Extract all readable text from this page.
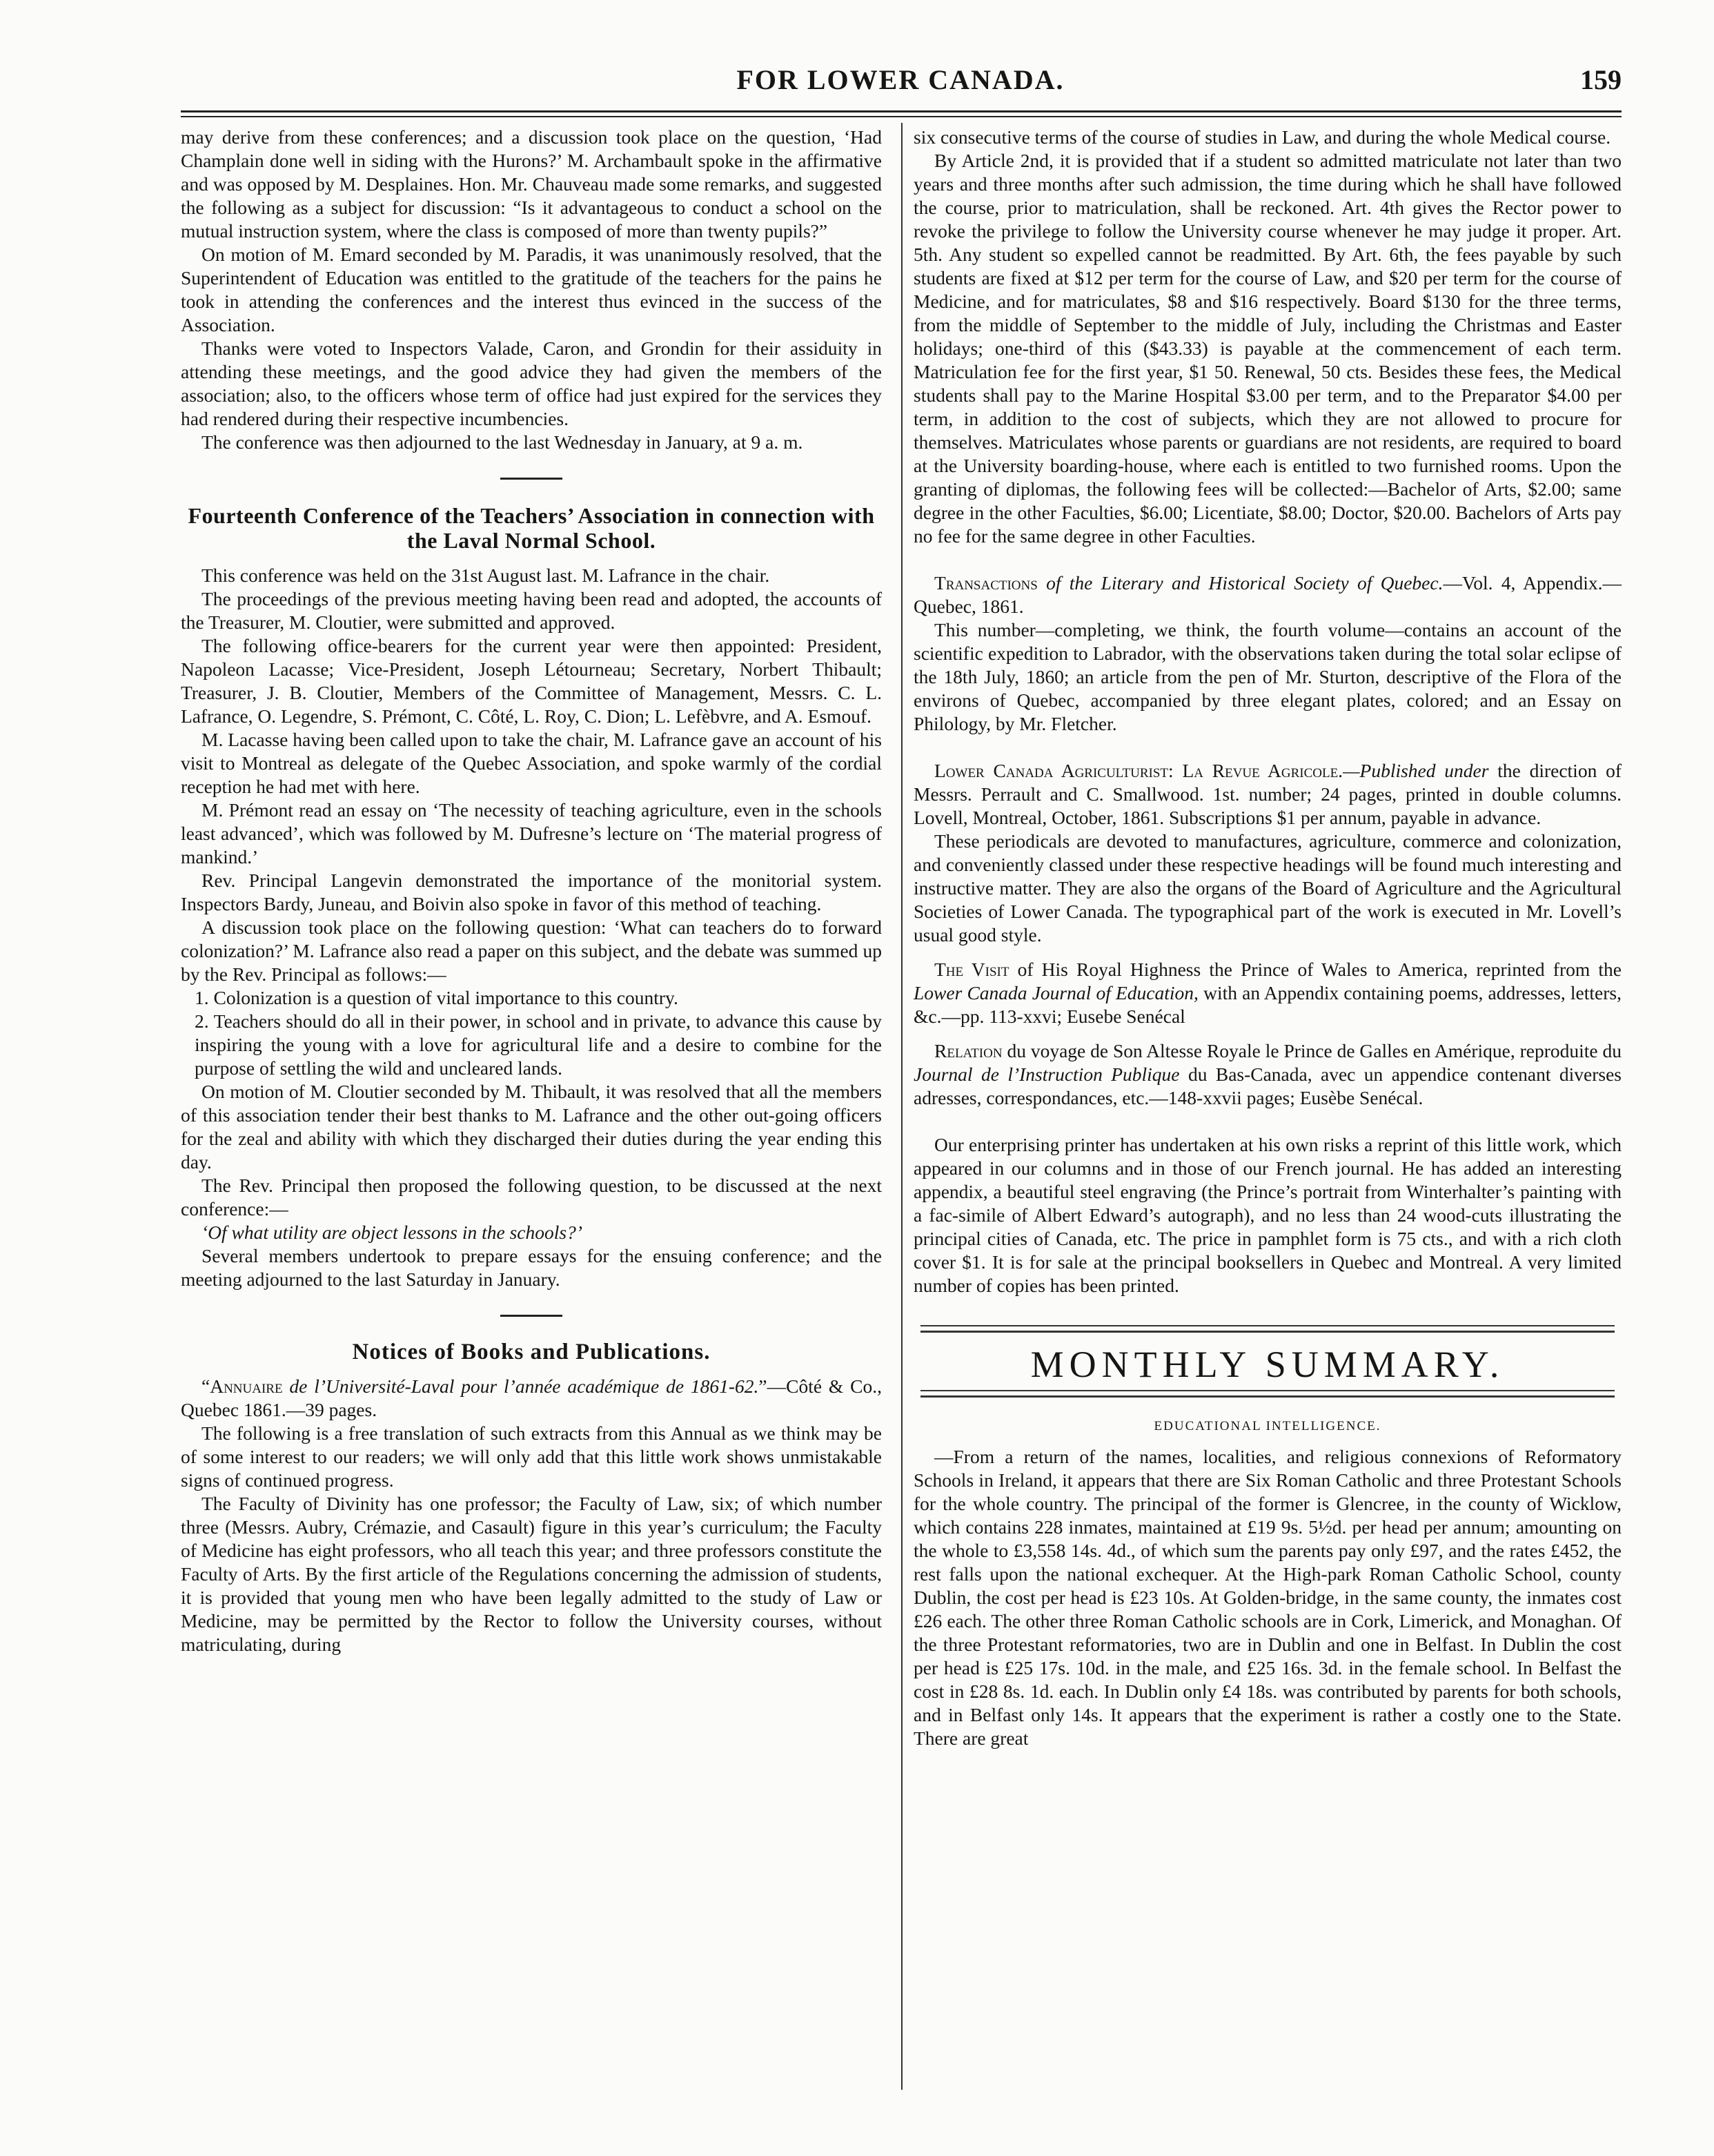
FOR LOWER CANADA.	159

may derive from these conferences; and a discussion took place on the question, ‘Had Champlain done well in siding with the Hurons?’ M. Archambault spoke in the affirmative and was opposed by M. Desplaines. Hon. Mr. Chauveau made some remarks, and suggested the following as a subject for discussion: “Is it advantageous to conduct a school on the mutual instruction system, where the class is composed of more than twenty pupils?”

On motion of M. Emard seconded by M. Paradis, it was unanimously resolved, that the Superintendent of Education was entitled to the gratitude of the teachers for the pains he took in attending the conferences and the interest thus evinced in the success of the Association.

Thanks were voted to Inspectors Valade, Caron, and Grondin for their assiduity in attending these meetings, and the good advice they had given the members of the association; also, to the officers whose term of office had just expired for the services they had rendered during their respective incumbencies.

The conference was then adjourned to the last Wednesday in January, at 9 a. m.

Fourteenth Conference of the Teachers’ Association in connection with the Laval Normal School.

This conference was held on the 31st August last. M. Lafrance in the chair.

The proceedings of the previous meeting having been read and adopted, the accounts of the Treasurer, M. Cloutier, were submitted and approved.

The following office-bearers for the current year were then appointed: President, Napoleon Lacasse; Vice-President, Joseph Létourneau; Secretary, Norbert Thibault; Treasurer, J. B. Cloutier, Members of the Committee of Management, Messrs. C. L. Lafrance, O. Legendre, S. Prémont, C. Côté, L. Roy, C. Dion; L. Lefèbvre, and A. Esmouf.

M. Lacasse having been called upon to take the chair, M. Lafrance gave an account of his visit to Montreal as delegate of the Quebec Association, and spoke warmly of the cordial reception he had met with here.

M. Prémont read an essay on ‘The necessity of teaching agriculture, even in the schools least advanced’, which was followed by M. Dufresne’s lecture on ‘The material progress of mankind.’

Rev. Principal Langevin demonstrated the importance of the monitorial system. Inspectors Bardy, Juneau, and Boivin also spoke in favor of this method of teaching.

A discussion took place on the following question: ‘What can teachers do to forward colonization?’ M. Lafrance also read a paper on this subject, and the debate was summed up by the Rev. Principal as follows:—

1. Colonization is a question of vital importance to this country.

2. Teachers should do all in their power, in school and in private, to advance this cause by inspiring the young with a love for agricultural life and a desire to combine for the purpose of settling the wild and uncleared lands.

On motion of M. Cloutier seconded by M. Thibault, it was resolved that all the members of this association tender their best thanks to M. Lafrance and the other out-going officers for the zeal and ability with which they discharged their duties during the year ending this day.

The Rev. Principal then proposed the following question, to be discussed at the next conference:—

‘Of what utility are object lessons in the schools?’

Several members undertook to prepare essays for the ensuing conference; and the meeting adjourned to the last Saturday in January.

Notices of Books and Publications.

“Annuaire de l’Université-Laval pour l’année académique de 1861-62.”—Côté & Co., Quebec 1861.—39 pages.

The following is a free translation of such extracts from this Annual as we think may be of some interest to our readers; we will only add that this little work shows unmistakable signs of continued progress.

The Faculty of Divinity has one professor; the Faculty of Law, six; of which number three (Messrs. Aubry, Crémazie, and Casault) figure in this year’s curriculum; the Faculty of Medicine has eight professors, who all teach this year; and three professors constitute the Faculty of Arts. By the first article of the Regulations concerning the admission of students, it is provided that young men who have been legally admitted to the study of Law or Medicine, may be permitted by the Rector to follow the University courses, without matriculating, during

six consecutive terms of the course of studies in Law, and during the whole Medical course.

By Article 2nd, it is provided that if a student so admitted matriculate not later than two years and three months after such admission, the time during which he shall have followed the course, prior to matriculation, shall be reckoned. Art. 4th gives the Rector power to revoke the privilege to follow the University course whenever he may judge it proper. Art. 5th. Any student so expelled cannot be readmitted. By Art. 6th, the fees payable by such students are fixed at $12 per term for the course of Law, and $20 per term for the course of Medicine, and for matriculates, $8 and $16 respectively. Board $130 for the three terms, from the middle of September to the middle of July, including the Christmas and Easter holidays; one-third of this ($43.33) is payable at the commencement of each term. Matriculation fee for the first year, $1 50. Renewal, 50 cts. Besides these fees, the Medical students shall pay to the Marine Hospital $3.00 per term, and to the Preparator $4.00 per term, in addition to the cost of subjects, which they are not allowed to procure for themselves. Matriculates whose parents or guardians are not residents, are required to board at the University boarding-house, where each is entitled to two furnished rooms. Upon the granting of diplomas, the following fees will be collected:—Bachelor of Arts, $2.00; same degree in the other Faculties, $6.00; Licentiate, $8.00; Doctor, $20.00. Bachelors of Arts pay no fee for the same degree in other Faculties.

Transactions of the Literary and Historical Society of Quebec.—Vol. 4, Appendix.—Quebec, 1861.

This number—completing, we think, the fourth volume—contains an account of the scientific expedition to Labrador, with the observations taken during the total solar eclipse of the 18th July, 1860; an article from the pen of Mr. Sturton, descriptive of the Flora of the environs of Quebec, accompanied by three elegant plates, colored; and an Essay on Philology, by Mr. Fletcher.

Lower Canada Agriculturist: La Revue Agricole.—Published under the direction of Messrs. Perrault and C. Smallwood. 1st. number; 24 pages, printed in double columns. Lovell, Montreal, October, 1861. Subscriptions $1 per annum, payable in advance.

These periodicals are devoted to manufactures, agriculture, commerce and colonization, and conveniently classed under these respective headings will be found much interesting and instructive matter. They are also the organs of the Board of Agriculture and the Agricultural Societies of Lower Canada. The typographical part of the work is executed in Mr. Lovell’s usual good style.

The Visit of His Royal Highness the Prince of Wales to America, reprinted from the Lower Canada Journal of Education, with an Appendix containing poems, addresses, letters, &c.—pp. 113-xxvi; Eusebe Senécal

Relation du voyage de Son Altesse Royale le Prince de Galles en Amérique, reproduite du Journal de l’Instruction Publique du Bas-Canada, avec un appendice contenant diverses adresses, correspondances, etc.—148-xxvii pages; Eusèbe Senécal.

Our enterprising printer has undertaken at his own risks a reprint of this little work, which appeared in our columns and in those of our French journal. He has added an interesting appendix, a beautiful steel engraving (the Prince’s portrait from Winterhalter’s painting with a fac-simile of Albert Edward’s autograph), and no less than 24 wood-cuts illustrating the principal cities of Canada, etc. The price in pamphlet form is 75 cts., and with a rich cloth cover $1. It is for sale at the principal booksellers in Quebec and Montreal. A very limited number of copies has been printed.

MONTHLY SUMMARY.
EDUCATIONAL INTELLIGENCE.

—From a return of the names, localities, and religious connexions of Reformatory Schools in Ireland, it appears that there are Six Roman Catholic and three Protestant Schools for the whole country. The principal of the former is Glencree, in the county of Wicklow, which contains 228 inmates, maintained at £19 9s. 5½d. per head per annum; amounting on the whole to £3,558 14s. 4d., of which sum the parents pay only £97, and the rates £452, the rest falls upon the national exchequer. At the High-park Roman Catholic School, county Dublin, the cost per head is £23 10s. At Golden-bridge, in the same county, the inmates cost £26 each. The other three Roman Catholic schools are in Cork, Limerick, and Monaghan. Of the three Protestant reformatories, two are in Dublin and one in Belfast. In Dublin the cost per head is £25 17s. 10d. in the male, and £25 16s. 3d. in the female school. In Belfast the cost in £28 8s. 1d. each. In Dublin only £4 18s. was contributed by parents for both schools, and in Belfast only 14s. It appears that the experiment is rather a costly one to the State. There are great
